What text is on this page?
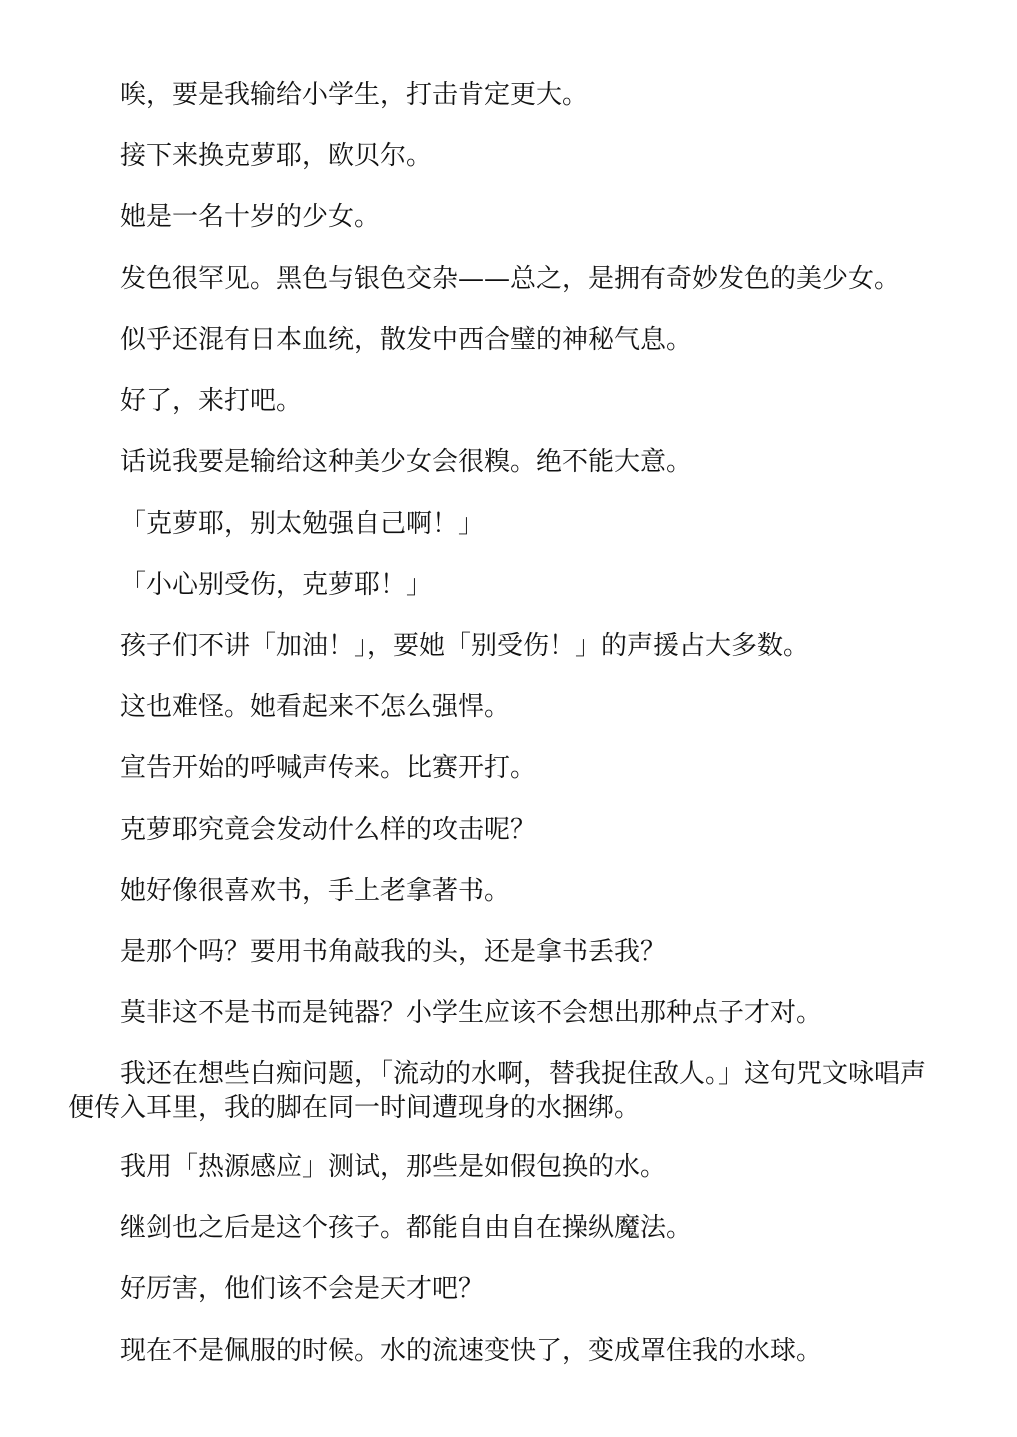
唉，要是我输给小学生，打击肯定更大。

接下来换克萝耶，欧贝尔。

她是一名十岁的少女。

发色很罕见。黑色与银色交杂——总之，是拥有奇妙发色的美少女。

似乎还混有日本血统，散发中西合璧的神秘气息。

好了，来打吧。

话说我要是输给这种美少女会很糗。绝不能大意。

「克萝耶，别太勉强自己啊！」

「小心别受伤，克萝耶！」

孩子们不讲「加油！」，要她「别受伤！」的声援占大多数。

这也难怪。她看起来不怎么强悍。

宣告开始的呼喊声传来。比赛开打。

克萝耶究竟会发动什么样的攻击呢？

她好像很喜欢书，手上老拿著书。

是那个吗？要用书角敲我的头，还是拿书丢我？

莫非这不是书而是钝器？小学生应该不会想出那种点子才对。

我还在想些白痴问题，「流动的水啊，替我捉住敌人。」这句咒文咏唱声便传入耳里，我的脚在同一时间遭现身的水捆绑。

我用「热源感应」测试，那些是如假包换的水。

继剑也之后是这个孩子。都能自由自在操纵魔法。

好厉害，他们该不会是天才吧？

现在不是佩服的时候。水的流速变快了，变成罩住我的水球。
